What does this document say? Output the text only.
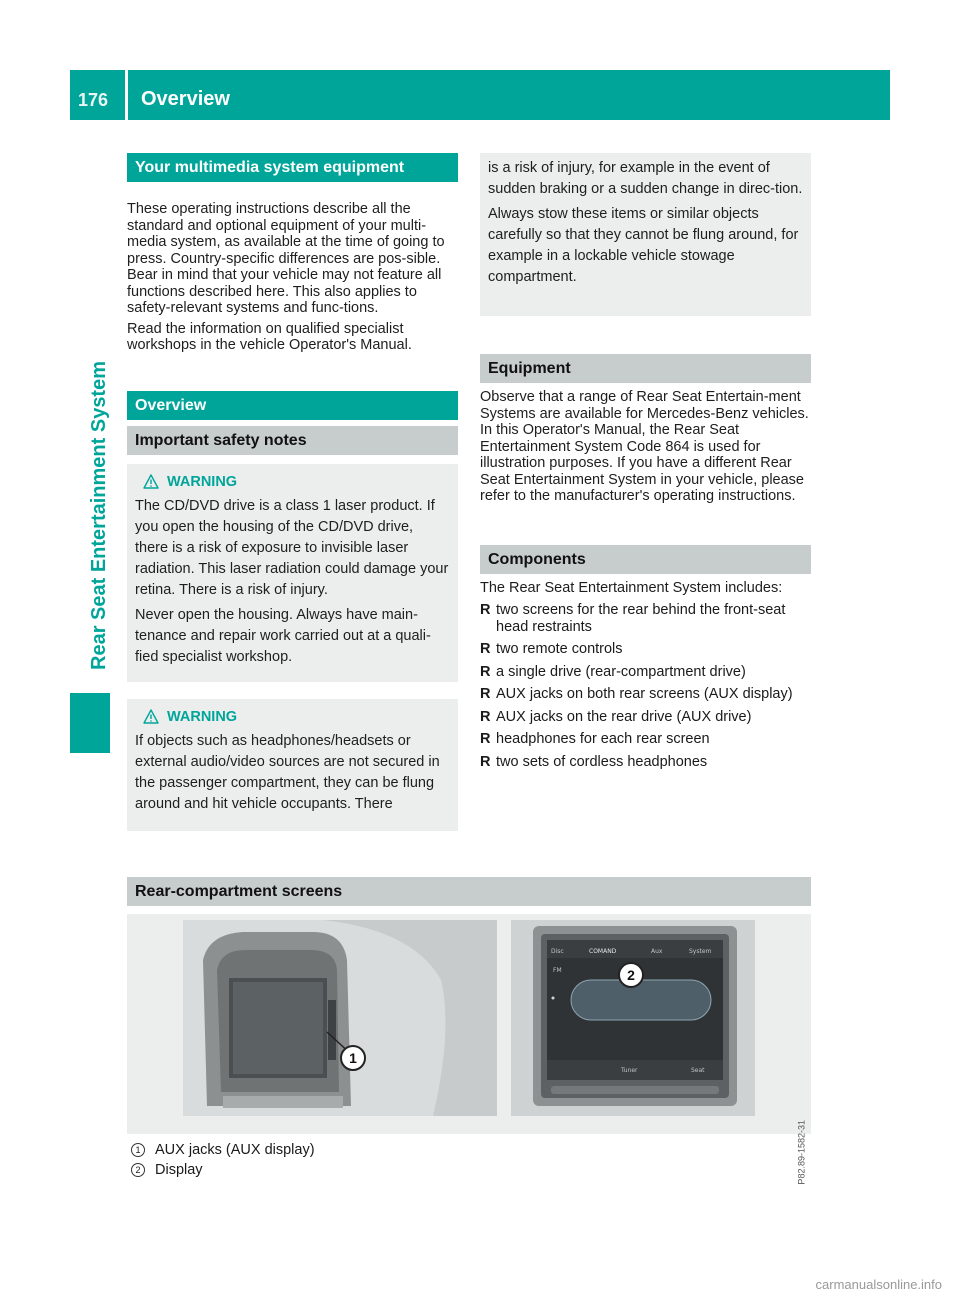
176 Overview
Rear Seat Entertainment System
Your multimedia system equipment

These operating instructions describe all the standard and optional equipment of your multi-media system, as available at the time of going to press. Country-specific differences are pos-sible. Bear in mind that your vehicle may not feature all functions described here. This also applies to safety-relevant systems and func-tions.

Read the information on qualified specialist workshops in the vehicle Operator's Manual.

Overview
Important safety notes
WARNING

The CD/DVD drive is a class 1 laser product. If you open the housing of the CD/DVD drive, there is a risk of exposure to invisible laser radiation. This laser radiation could damage your retina. There is a risk of injury.

Never open the housing. Always have main-tenance and repair work carried out at a quali-fied specialist workshop.

WARNING

If objects such as headphones/headsets or external audio/video sources are not secured in the passenger compartment, they can be flung around and hit vehicle occupants. There

is a risk of injury, for example in the event of sudden braking or a sudden change in direc-tion.

Always stow these items or similar objects carefully so that they cannot be flung around, for example in a lockable vehicle stowage compartment.

Equipment

Observe that a range of Rear Seat Entertain-ment Systems are available for Mercedes-Benz vehicles. In this Operator's Manual, the Rear Seat Entertainment System Code 864 is used for illustration purposes. If you have a different Rear Seat Entertainment System in your vehicle, please refer to the manufacturer's operating instructions.

Components

The Rear Seat Entertainment System includes:

R two screens for the rear behind the front-seat head restraints
R two remote controls
R a single drive (rear-compartment drive)
R AUX jacks on both rear screens (AUX display)
R AUX jacks on the rear drive (AUX drive)
R headphones for each rear screen
R two sets of cordless headphones
Rear-compartment screens
1
Disc	COMAND	Aux	System
FM
Tuner	Seat
2
P82.89-1582-31
1	AUX jacks (AUX display)
2	Display
carmanualsonline.info
